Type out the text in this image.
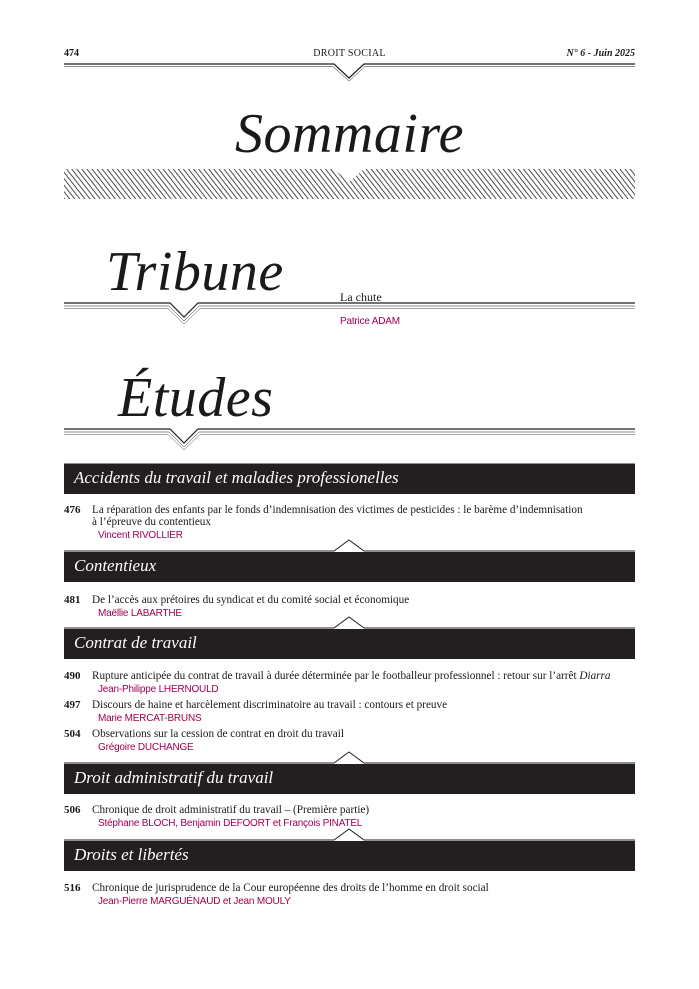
474	DROIT SOCIAL	N° 6 - Juin 2025
Sommaire
Tribune	La chute
Patrice ADAM
Études
Accidents du travail et maladies professionelles
476	La réparation des enfants par le fonds d’indemnisation des victimes de pesticides : le barème d’indemnisation
à l’épreuve du contentieux
Vincent RIVOLLIER
Contentieux
481	De l’accès aux prétoires du syndicat et du comité social et économique
Maëllie LABARTHE
Contrat de travail
490	Rupture anticipée du contrat de travail à durée déterminée par le footballeur professionnel : retour sur l’arrêt Diarra
Jean-Philippe LHERNOULD
497	Discours de haine et harcèlement discriminatoire au travail : contours et preuve
Marie MERCAT-BRUNS
504	Observations sur la cession de contrat en droit du travail
Grégoire DUCHANGE
Droit administratif du travail
506	Chronique de droit administratif du travail – (Première partie)
Stéphane BLOCH, Benjamin DEFOORT et François PINATEL
Droits et libertés
516	Chronique de jurisprudence de la Cour européenne des droits de l’homme en droit social
Jean-Pierre MARGUÉNAUD et Jean MOULY
